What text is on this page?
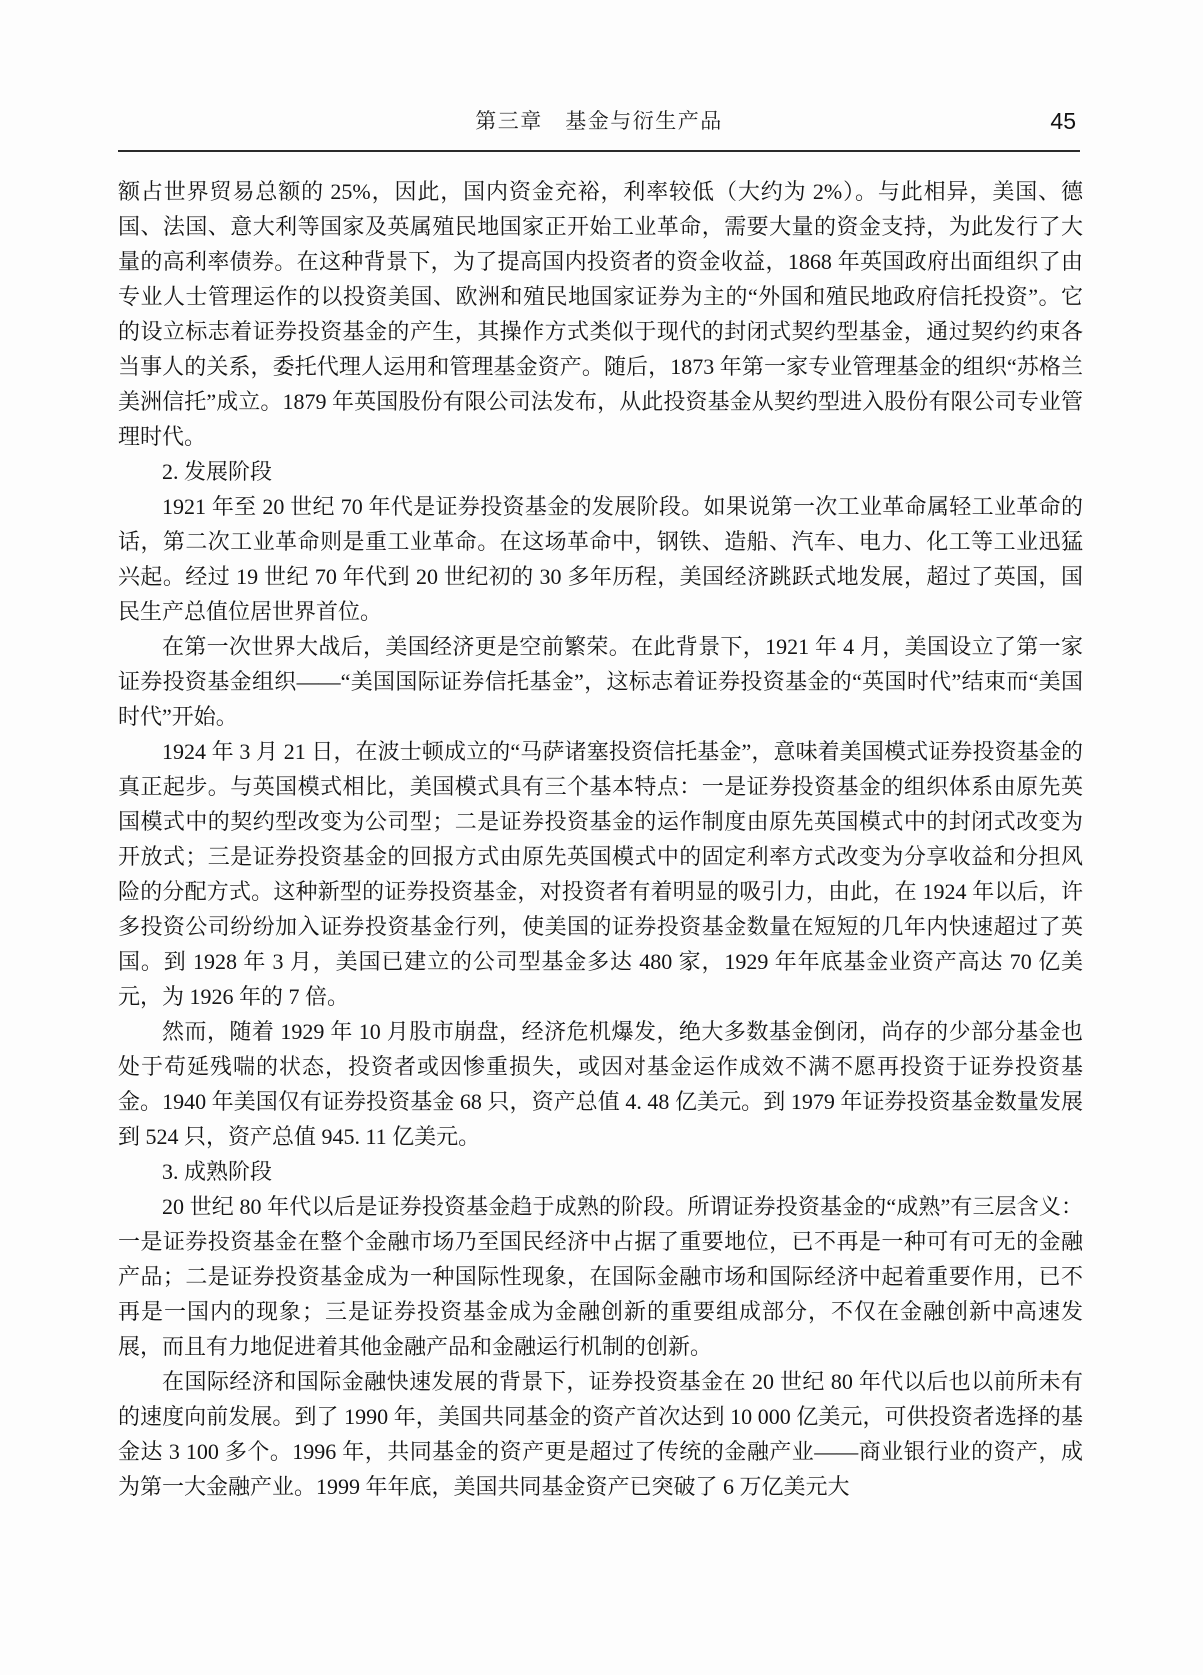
第三章　基金与衍生产品	45

额占世界贸易总额的 25%，因此，国内资金充裕，利率较低（大约为 2%）。与此相异，美国、德国、法国、意大利等国家及英属殖民地国家正开始工业革命，需要大量的资金支持，为此发行了大量的高利率债券。在这种背景下，为了提高国内投资者的资金收益，1868 年英国政府出面组织了由专业人士管理运作的以投资美国、欧洲和殖民地国家证券为主的“外国和殖民地政府信托投资”。它的设立标志着证券投资基金的产生，其操作方式类似于现代的封闭式契约型基金，通过契约约束各当事人的关系，委托代理人运用和管理基金资产。随后，1873 年第一家专业管理基金的组织“苏格兰美洲信托”成立。1879 年英国股份有限公司法发布，从此投资基金从契约型进入股份有限公司专业管理时代。

2. 发展阶段

1921 年至 20 世纪 70 年代是证券投资基金的发展阶段。如果说第一次工业革命属轻工业革命的话，第二次工业革命则是重工业革命。在这场革命中，钢铁、造船、汽车、电力、化工等工业迅猛兴起。经过 19 世纪 70 年代到 20 世纪初的 30 多年历程，美国经济跳跃式地发展，超过了英国，国民生产总值位居世界首位。

在第一次世界大战后，美国经济更是空前繁荣。在此背景下，1921 年 4 月，美国设立了第一家证券投资基金组织——“美国国际证券信托基金”，这标志着证券投资基金的“英国时代”结束而“美国时代”开始。

1924 年 3 月 21 日，在波士顿成立的“马萨诸塞投资信托基金”，意味着美国模式证券投资基金的真正起步。与英国模式相比，美国模式具有三个基本特点：一是证券投资基金的组织体系由原先英国模式中的契约型改变为公司型；二是证券投资基金的运作制度由原先英国模式中的封闭式改变为开放式；三是证券投资基金的回报方式由原先英国模式中的固定利率方式改变为分享收益和分担风险的分配方式。这种新型的证券投资基金，对投资者有着明显的吸引力，由此，在 1924 年以后，许多投资公司纷纷加入证券投资基金行列，使美国的证券投资基金数量在短短的几年内快速超过了英国。到 1928 年 3 月，美国已建立的公司型基金多达 480 家，1929 年年底基金业资产高达 70 亿美元，为 1926 年的 7 倍。

然而，随着 1929 年 10 月股市崩盘，经济危机爆发，绝大多数基金倒闭，尚存的少部分基金也处于苟延残喘的状态，投资者或因惨重损失，或因对基金运作成效不满不愿再投资于证券投资基金。1940 年美国仅有证券投资基金 68 只，资产总值 4. 48 亿美元。到 1979 年证券投资基金数量发展到 524 只，资产总值 945. 11 亿美元。

3. 成熟阶段

20 世纪 80 年代以后是证券投资基金趋于成熟的阶段。所谓证券投资基金的“成熟”有三层含义：一是证券投资基金在整个金融市场乃至国民经济中占据了重要地位，已不再是一种可有可无的金融产品；二是证券投资基金成为一种国际性现象，在国际金融市场和国际经济中起着重要作用，已不再是一国内的现象；三是证券投资基金成为金融创新的重要组成部分，不仅在金融创新中高速发展，而且有力地促进着其他金融产品和金融运行机制的创新。

在国际经济和国际金融快速发展的背景下，证券投资基金在 20 世纪 80 年代以后也以前所未有的速度向前发展。到了 1990 年，美国共同基金的资产首次达到 10 000 亿美元，可供投资者选择的基金达 3 100 多个。1996 年，共同基金的资产更是超过了传统的金融产业——商业银行业的资产，成为第一大金融产业。1999 年年底，美国共同基金资产已突破了 6 万亿美元大
